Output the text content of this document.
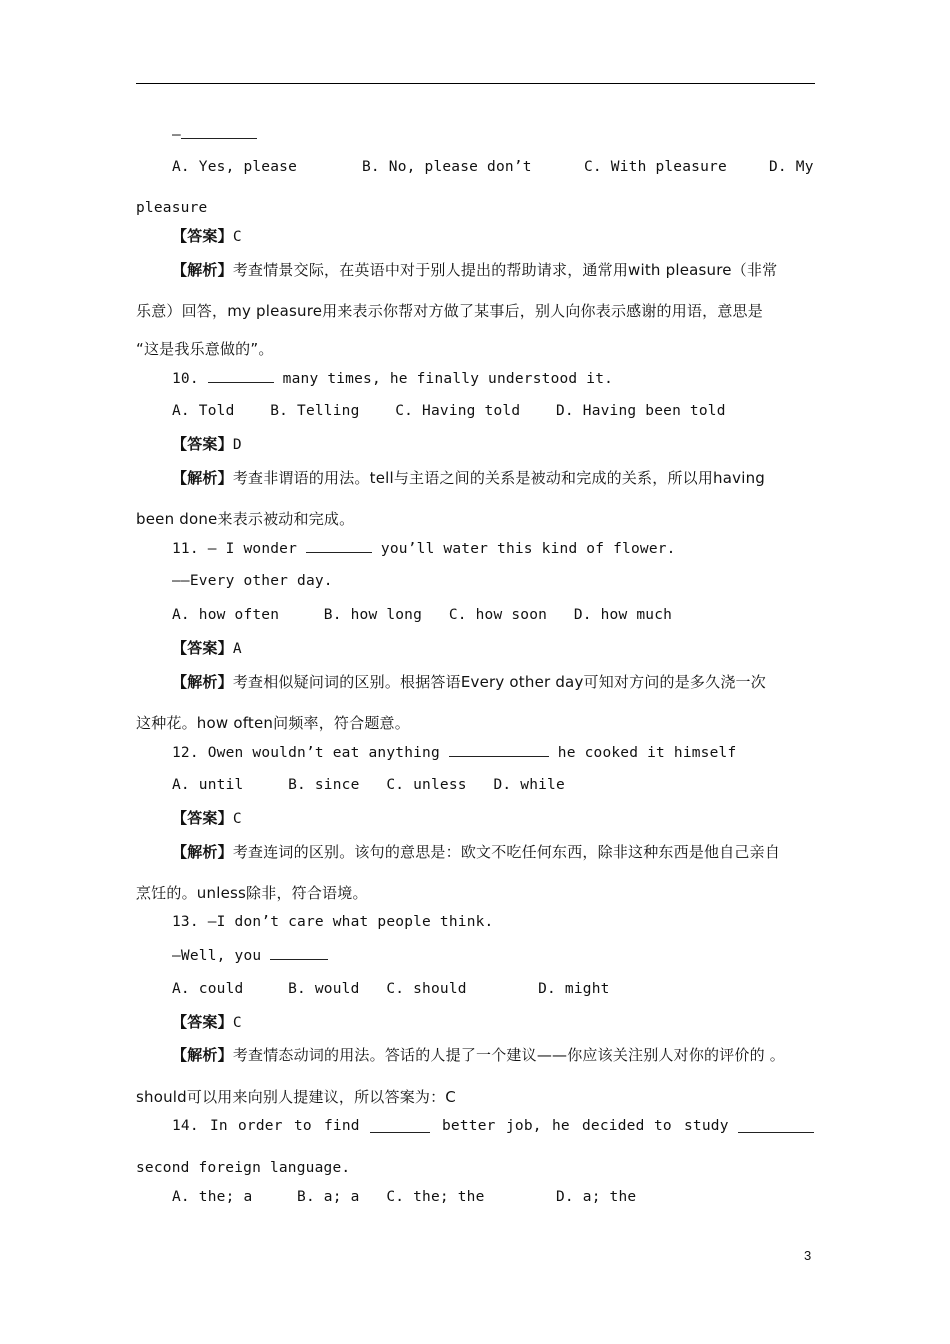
—
A. Yes, please	B. No, please don’t	C. With pleasure	D. My
pleasure
【答案】C
【解析】考查情景交际，在英语中对于别人提出的帮助请求，通常用with pleasure（非常
乐意）回答，my pleasure用来表示你帮对方做了某事后，别人向你表示感谢的用语，意思是
“这是我乐意做的”。
10.	many times, he finally understood it.
A. Told    B. Telling    C. Having told    D. Having been told
【答案】D
【解析】考查非谓语的用法。tell与主语之间的关系是被动和完成的关系，所以用having
been done来表示被动和完成。
11. — I wonder	you’ll water this kind of flower.
——Every other day.
A. how often     B. how long   C. how soon   D. how much
【答案】A
【解析】考查相似疑问词的区别。根据答语Every other day可知对方问的是多久浇一次
这种花。how often问频率，符合题意。
12. Owen wouldn’t eat anything	he cooked it himself
A. until     B. since   C. unless   D. while
【答案】C
【解析】考查连词的区别。该句的意思是：欧文不吃任何东西，除非这种东西是他自己亲自
烹饪的。unless除非，符合语境。
13. —I don’t care what people think.
—Well, you
A. could     B. would   C. should        D. might
【答案】C
【解析】考查情态动词的用法。答话的人提了一个建议——你应该关注别人对你的评价的 。
should可以用来向别人提建议，所以答案为：C
14. In order to find	better job, he decided to study
second foreign language.
A. the; a     B. a; a   C. the; the        D. a; the
3
